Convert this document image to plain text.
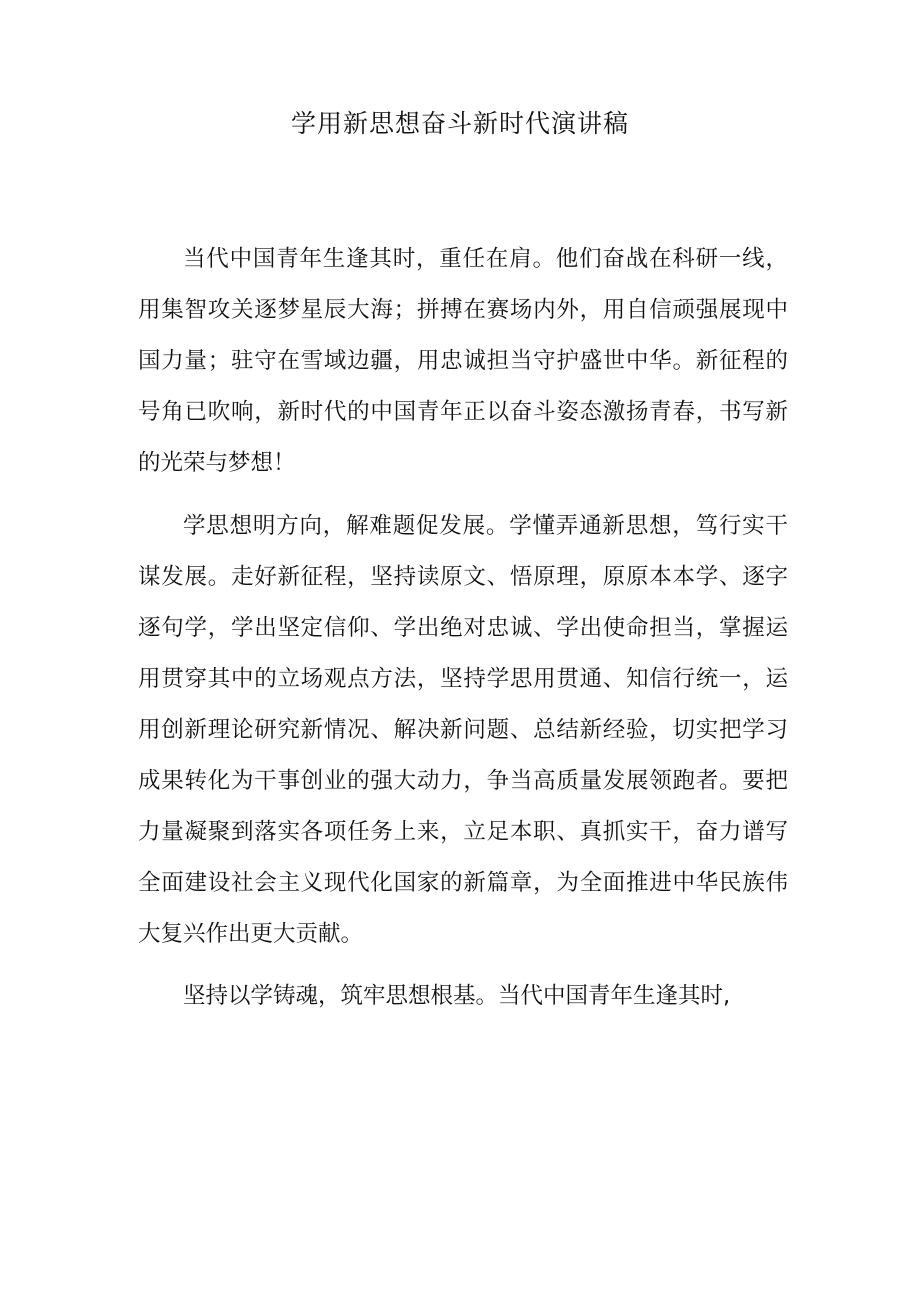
学用新思想奋斗新时代演讲稿

当代中国青年生逢其时，重任在肩。他们奋战在科研一线，用集智攻关逐梦星辰大海；拼搏在赛场内外，用自信顽强展现中国力量；驻守在雪域边疆，用忠诚担当守护盛世中华。新征程的号角已吹响，新时代的中国青年正以奋斗姿态激扬青春，书写新的光荣与梦想！

学思想明方向，解难题促发展。学懂弄通新思想，笃行实干谋发展。走好新征程，坚持读原文、悟原理，原原本本学、逐字逐句学，学出坚定信仰、学出绝对忠诚、学出使命担当，掌握运用贯穿其中的立场观点方法，坚持学思用贯通、知信行统一，运用创新理论研究新情况、解决新问题、总结新经验，切实把学习成果转化为干事创业的强大动力，争当高质量发展领跑者。要把力量凝聚到落实各项任务上来，立足本职、真抓实干，奋力谱写全面建设社会主义现代化国家的新篇章，为全面推进中华民族伟大复兴作出更大贡献。

坚持以学铸魂，筑牢思想根基。当代中国青年生逢其时,
